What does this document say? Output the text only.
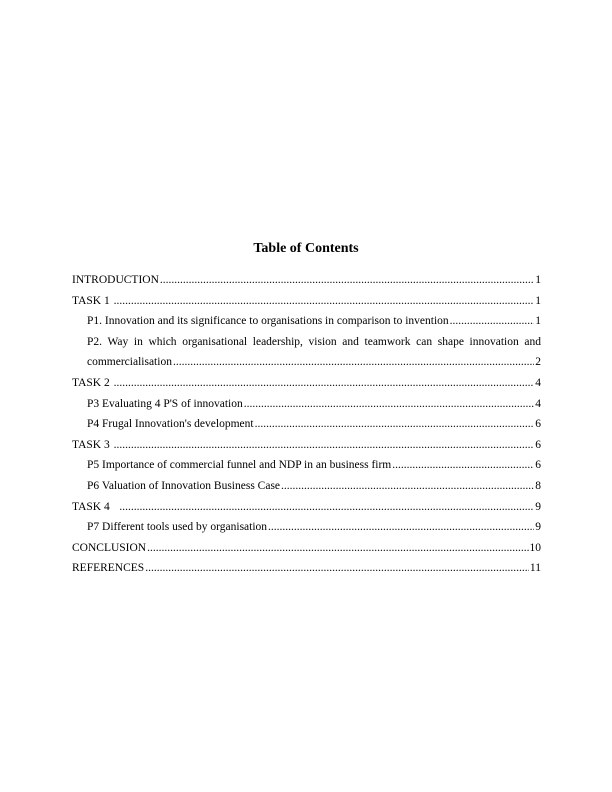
Table of Contents
INTRODUCTION .....	1
TASK 1 .....	1
P1. Innovation and its significance to organisations in comparison to invention .....	1
P2. Way in which organisational leadership, vision and teamwork can shape innovation and
commercialisation .....	2
TASK 2 .....	4
P3 Evaluating 4 P'S of innovation .....	4
P4 Frugal Innovation's development .....	6
TASK 3 .....	6
P5 Importance of commercial funnel and NDP in an business firm .....	6
P6 Valuation of Innovation Business Case .....	8
TASK 4 .....	9
P7 Different tools used by organisation .....	9
CONCLUSION .....	10
REFERENCES .....	11
